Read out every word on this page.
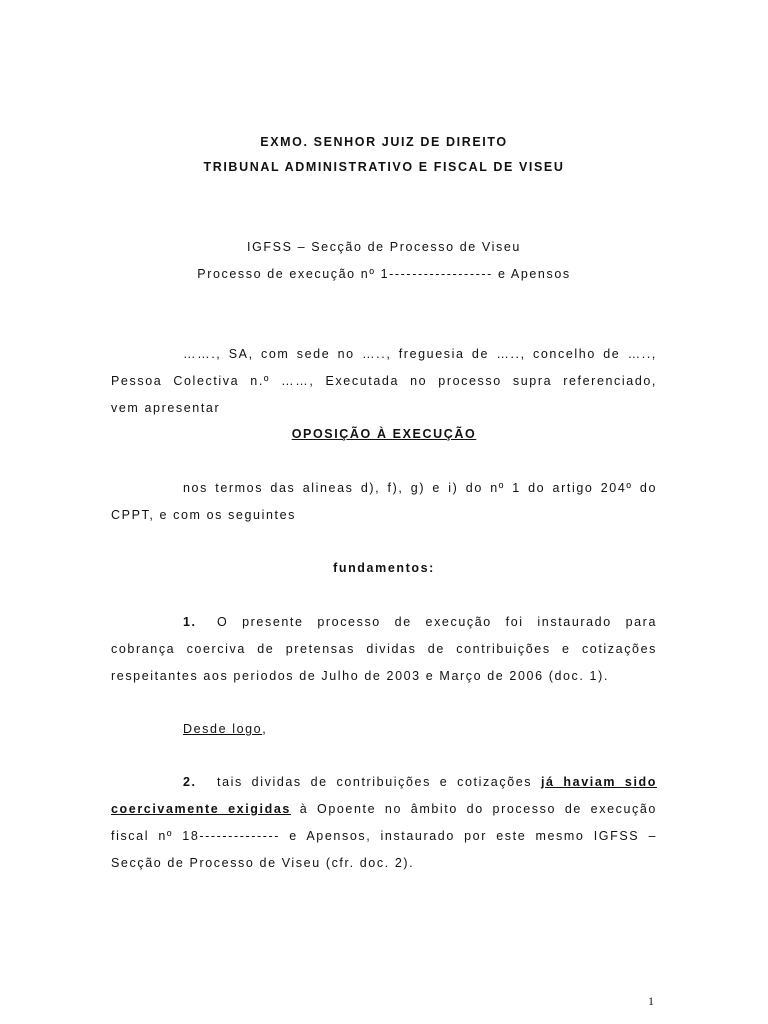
EXMO. SENHOR JUIZ DE DIREITO
TRIBUNAL ADMINISTRATIVO E FISCAL DE VISEU
IGFSS – Secção de Processo de Viseu
Processo de execução nº 1------------------ e Apensos
……., SA, com sede no ….., freguesia de ….., concelho de …..,
Pessoa Colectiva n.º ……, Executada no processo supra referenciado,
vem apresentar
OPOSIÇÃO À EXECUÇÃO
nos termos das alineas d), f), g) e i) do nº 1 do artigo 204º do
CPPT, e com os seguintes
fundamentos:
1. O presente processo de execução foi instaurado para
cobrança coerciva de pretensas dividas de contribuições e cotizações
respeitantes aos periodos de Julho de 2003 e Março de 2006 (doc. 1).
Desde logo,
2. tais dividas de contribuições e cotizações já haviam sido
coercivamente exigidas à Opoente no âmbito do processo de execução
fiscal nº 18-------------- e Apensos, instaurado por este mesmo IGFSS –
Secção de Processo de Viseu (cfr. doc. 2).
1
